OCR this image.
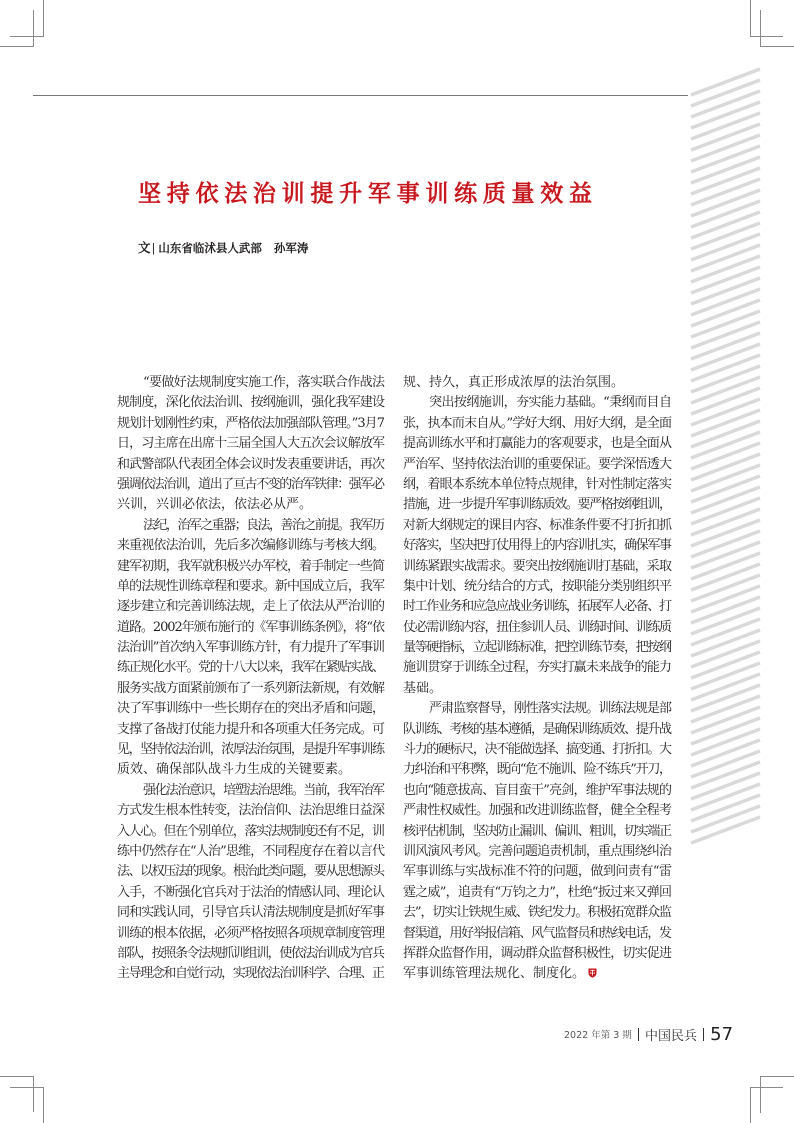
坚持依法治训提升军事训练质量效益
文| 山东省临沭县人武部 孙军涛
“要做好法规制度实施工作，落实联合作战法
规制度，深化依法治训、按纲施训，强化我军建设
规划计划刚性约束，严格依法加强部队管理。”3月7
日，习主席在出席十三届全国人大五次会议解放军
和武警部队代表团全体会议时发表重要讲话，再次
强调依法治训，道出了亘古不变的治军铁律：强军必
兴训，兴训必依法，依法必从严。
法纪，治军之重器；良法，善治之前提。我军历
来重视依法治训，先后多次编修训练与考核大纲。
建军初期，我军就积极兴办军校，着手制定一些简
单的法规性训练章程和要求。新中国成立后，我军
逐步建立和完善训练法规，走上了依法从严治训的
道路。2002年颁布施行的《军事训练条例》，将“依
法治训”首次纳入军事训练方针，有力提升了军事训
练正规化水平。党的十八大以来，我军在紧贴实战、
服务实战方面紧前颁布了一系列新法新规，有效解
决了军事训练中一些长期存在的突出矛盾和问题，
支撑了备战打仗能力提升和各项重大任务完成。可
见，坚持依法治训，浓厚法治氛围，是提升军事训练
质效、确保部队战斗力生成的关键要素。
强化法治意识，培塑法治思维。当前，我军治军
方式发生根本性转变，法治信仰、法治思维日益深
入人心。但在个别单位，落实法规制度还有不足，训
练中仍然存在“人治”思维，不同程度存在着以言代
法、以权压法的现象。根治此类问题，要从思想源头
入手，不断强化官兵对于法治的情感认同、理论认
同和实践认同，引导官兵认清法规制度是抓好军事
训练的根本依据，必须严格按照各项规章制度管理
部队，按照条令法规抓训组训，使依法治训成为官兵
主导理念和自觉行动，实现依法治训科学、合理、正
规、持久，真正形成浓厚的法治氛围。
突出按纲施训，夯实能力基础。“秉纲而目自
张，执本而末自从。”学好大纲、用好大纲，是全面
提高训练水平和打赢能力的客观要求，也是全面从
严治军、坚持依法治训的重要保证。要学深悟透大
纲，着眼本系统本单位特点规律，针对性制定落实
措施，进一步提升军事训练质效。要严格按纲组训，
对新大纲规定的课目内容、标准条件要不打折扣抓
好落实，坚决把打仗用得上的内容训扎实，确保军事
训练紧跟实战需求。要突出按纲施训打基础，采取
集中计划、统分结合的方式，按职能分类别组织平
时工作业务和应急应战业务训练，拓展军人必备、打
仗必需训练内容，扭住参训人员、训练时间、训练质
量等硬指标，立起训练标准，把控训练节奏，把按纲
施训贯穿于训练全过程，夯实打赢未来战争的能力
基础。
严肃监察督导，刚性落实法规。训练法规是部
队训练、考核的基本遵循，是确保训练质效、提升战
斗力的硬标尺，决不能做选择、搞变通、打折扣。大
力纠治和平积弊，既向“危不施训、险不练兵”开刀，
也向“随意拔高、盲目蛮干”亮剑，维护军事法规的
严肃性权威性。加强和改进训练监督，健全全程考
核评估机制，坚决防止漏训、偏训、粗训，切实端正
训风演风考风。完善问题追责机制，重点围绕纠治
军事训练与实战标准不符的问题，做到问责有“雷
霆之威”，追责有“万钧之力”，杜绝“扳过来又弹回
去”，切实让铁规生威、铁纪发力。积极拓宽群众监
督渠道，用好举报信箱、风气监督员和热线电话，发
挥群众监督作用，调动群众监督积极性，切实促进
军事训练管理法规化、制度化。
2022 年第 3 期 中国民兵 57
